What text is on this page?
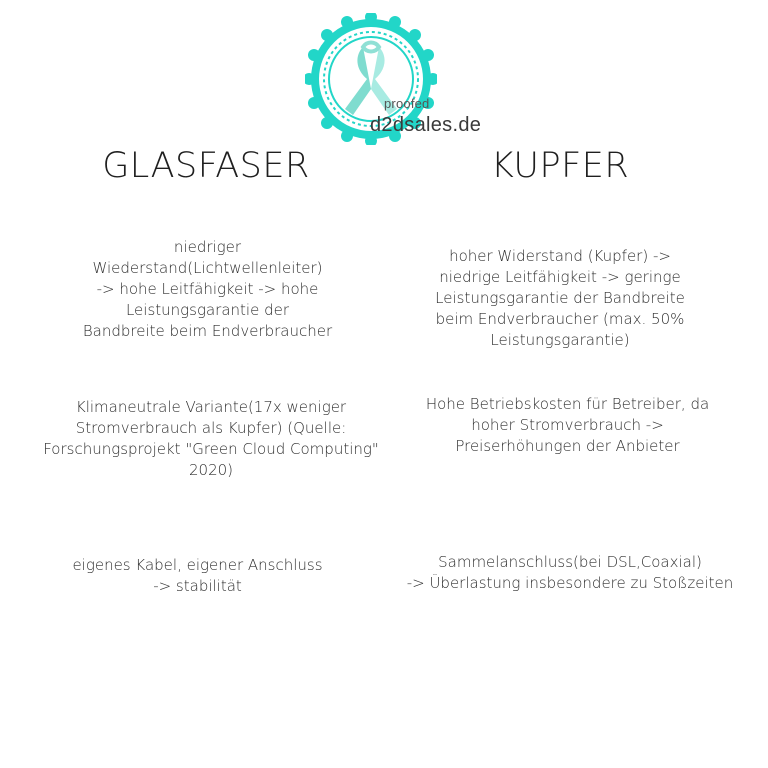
proofed
d2dsales.de
GLASFASER	KUPFER
niedriger
Wiederstand(Lichtwellenleiter)
-> hohe Leitfähigkeit -> hohe
Leistungsgarantie der
Bandbreite beim Endverbraucher
hoher Widerstand (Kupfer) ->
niedrige Leitfähigkeit -> geringe
Leistungsgarantie der Bandbreite
beim Endverbraucher (max. 50%
Leistungsgarantie)
Klimaneutrale Variante(17x weniger
Stromverbrauch als Kupfer) (Quelle:
Forschungsprojekt "Green Cloud Computing"
2020)
Hohe Betriebskosten für Betreiber, da
hoher Stromverbrauch ->
Preiserhöhungen der Anbieter
eigenes Kabel, eigener Anschluss
-> stabilität
Sammelanschluss(bei DSL,Coaxial)
-> Überlastung insbesondere zu Stoßzeiten
